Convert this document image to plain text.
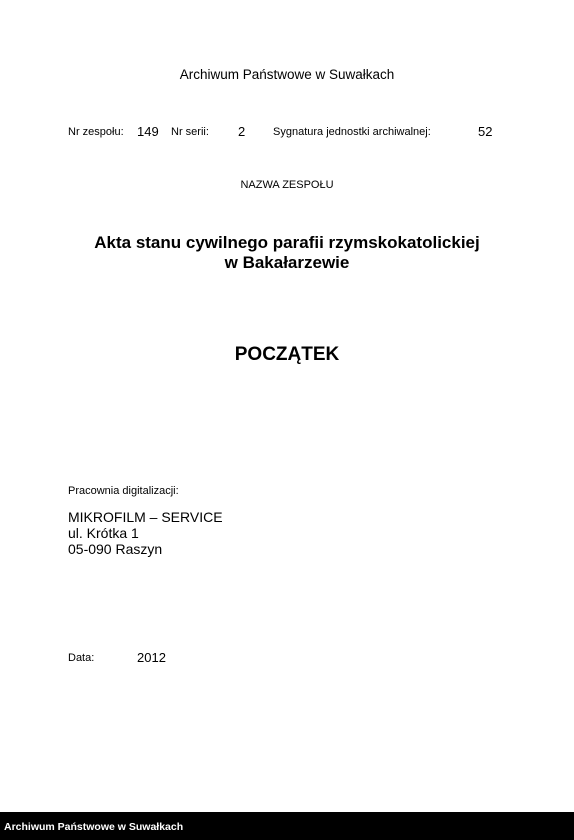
Archiwum Państwowe w Suwałkach
Nr zespołu: 149 Nr serii: 2	Sygnatura jednostki archiwalnej:	52
NAZWA ZESPOŁU
Akta stanu cywilnego parafii rzymskokatolickiej
w Bakałarzewie
POCZĄTEK
Pracownia digitalizacji:
MIKROFILM – SERVICE
ul. Krótka 1
05-090 Raszyn
Data:	2012
Archiwum Państwowe w Suwałkach
